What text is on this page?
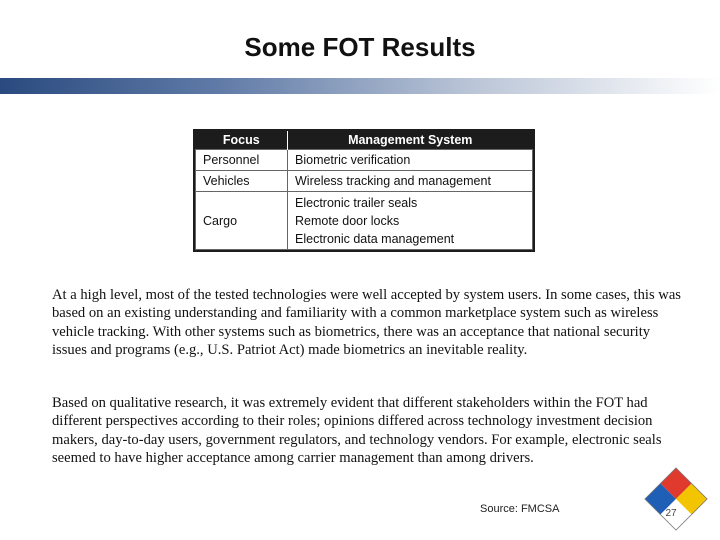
Some FOT Results
Focus	Management System
Personnel	Biometric verification

Vehicles	Wireless tracking and management

Cargo	Electronic trailer seals
Remote door locks
Electronic data management

At a high level, most of the tested technologies were well accepted by system users. In some cases, this was based on an existing understanding and familiarity with a common marketplace system such as wireless vehicle tracking. With other systems such as biometrics, there was an acceptance that national security issues and programs (e.g., U.S. Patriot Act) made biometrics an inevitable reality.

Based on qualitative research, it was extremely evident that different stakeholders within the FOT had different perspectives according to their roles; opinions differed across technology investment decision makers, day-to-day users, government regulators, and technology vendors. For example, electronic seals seemed to have higher acceptance among carrier management than among drivers.

Source: FMCSA	27
